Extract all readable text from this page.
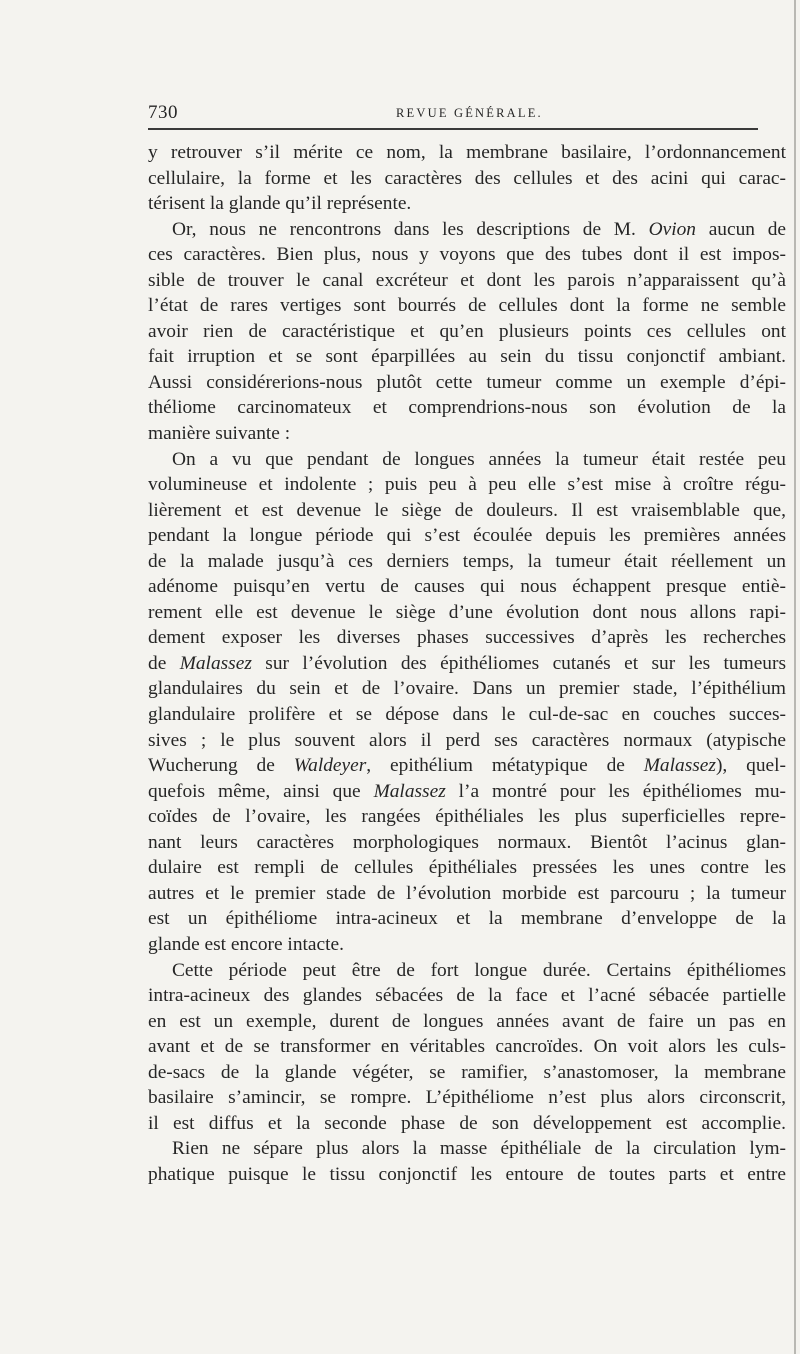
730	REVUE GÉNÉRALE.
y retrouver s’il mérite ce nom, la membrane basilaire, l’ordonnancement
cellulaire, la forme et les caractères des cellules et des acini qui carac-
térisent la glande qu’il représente.
Or, nous ne rencontrons dans les descriptions de M. Ovion aucun de
ces caractères. Bien plus, nous y voyons que des tubes dont il est impos-
sible de trouver le canal excréteur et dont les parois n’apparaissent qu’à
l’état de rares vertiges sont bourrés de cellules dont la forme ne semble
avoir rien de caractéristique et qu’en plusieurs points ces cellules ont
fait irruption et se sont éparpillées au sein du tissu conjonctif ambiant.
Aussi considérerions-nous plutôt cette tumeur comme un exemple d’épi-
théliome carcinomateux et comprendrions-nous son évolution de la
manière suivante :
On a vu que pendant de longues années la tumeur était restée peu
volumineuse et indolente ; puis peu à peu elle s’est mise à croître régu-
lièrement et est devenue le siège de douleurs. Il est vraisemblable que,
pendant la longue période qui s’est écoulée depuis les premières années
de la malade jusqu’à ces derniers temps, la tumeur était réellement un
adénome puisqu’en vertu de causes qui nous échappent presque entiè-
rement elle est devenue le siège d’une évolution dont nous allons rapi-
dement exposer les diverses phases successives d’après les recherches
de Malassez sur l’évolution des épithéliomes cutanés et sur les tumeurs
glandulaires du sein et de l’ovaire. Dans un premier stade, l’épithélium
glandulaire prolifère et se dépose dans le cul-de-sac en couches succes-
sives ; le plus souvent alors il perd ses caractères normaux (atypische
Wucherung de Waldeyer, epithélium métatypique de Malassez), quel-
quefois même, ainsi que Malassez l’a montré pour les épithéliomes mu-
coïdes de l’ovaire, les rangées épithéliales les plus superficielles repre-
nant leurs caractères morphologiques normaux. Bientôt l’acinus glan-
dulaire est rempli de cellules épithéliales pressées les unes contre les
autres et le premier stade de l’évolution morbide est parcouru ; la tumeur
est un épithéliome intra-acineux et la membrane d’enveloppe de la
glande est encore intacte.
Cette période peut être de fort longue durée. Certains épithéliomes
intra-acineux des glandes sébacées de la face et l’acné sébacée partielle
en est un exemple, durent de longues années avant de faire un pas en
avant et de se transformer en véritables cancroïdes. On voit alors les culs-
de-sacs de la glande végéter, se ramifier, s’anastomoser, la membrane
basilaire s’amincir, se rompre. L’épithéliome n’est plus alors circonscrit,
il est diffus et la seconde phase de son développement est accomplie.
Rien ne sépare plus alors la masse épithéliale de la circulation lym-
phatique puisque le tissu conjonctif les entoure de toutes parts et entre
